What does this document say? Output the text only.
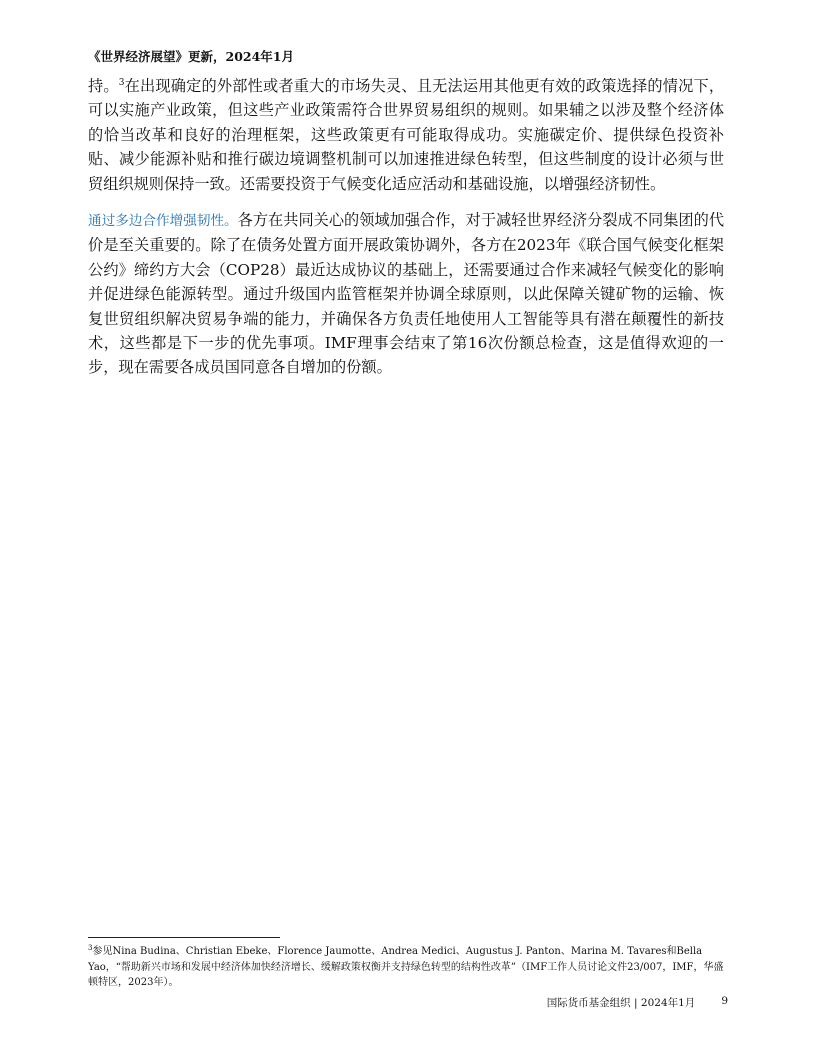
《世界经济展望》更新，2024年1月

持。$^3$在出现确定的外部性或者重大的市场失灵、且无法运用其他更有效的政策选择的情况下，可以实施产业政策，但这些产业政策需符合世界贸易组织的规则。如果辅之以涉及整个经济体的恰当改革和良好的治理框架，这些政策更有可能取得成功。实施碳定价、提供绿色投资补贴、减少能源补贴和推行碳边境调整机制可以加速推进绿色转型，但这些制度的设计必须与世贸组织规则保持一致。还需要投资于气候变化适应活动和基础设施，以增强经济韧性。

通过多边合作增强韧性。各方在共同关心的领域加强合作，对于减轻世界经济分裂成不同集团的代价是至关重要的。除了在债务处置方面开展政策协调外，各方在2023年《联合国气候变化框架公约》缔约方大会（COP28）最近达成协议的基础上，还需要通过合作来减轻气候变化的影响并促进绿色能源转型。通过升级国内监管框架并协调全球原则，以此保障关键矿物的运输、恢复世贸组织解决贸易争端的能力，并确保各方负责任地使用人工智能等具有潜在颠覆性的新技术，这些都是下一步的优先事项。IMF理事会结束了第16次份额总检查，这是值得欢迎的一步，现在需要各成员国同意各自增加的份额。

$^3$参见Nina Budina、Christian Ebeke、Florence Jaumotte、Andrea Medici、Augustus J. Panton、Marina M. Tavares和Bella Yao，“帮助新兴市场和发展中经济体加快经济增长、缓解政策权衡并支持绿色转型的结构性改革”（IMF工作人员讨论文件23/007，IMF，华盛顿特区，2023年）。
国际货币基金组织 | 2024年1月 9
